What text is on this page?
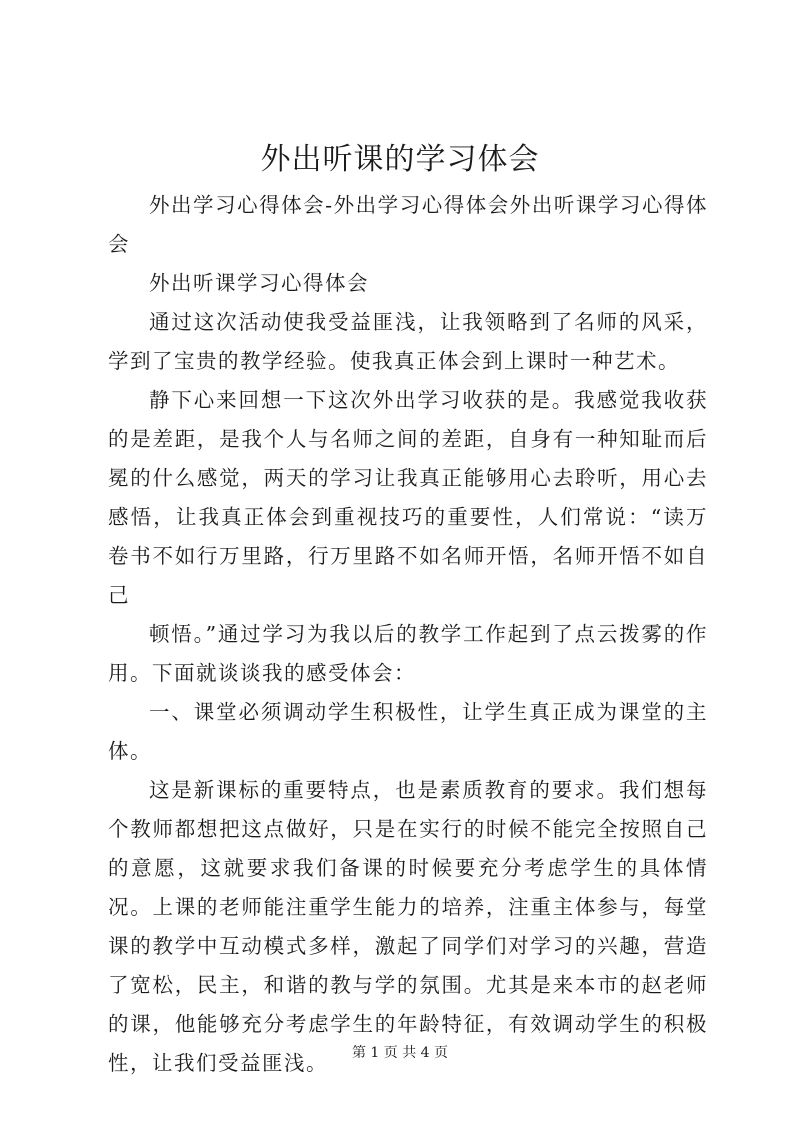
外出听课的学习体会

外出学习心得体会-外出学习心得体会外出听课学习心得体会

外出听课学习心得体会

通过这次活动使我受益匪浅，让我领略到了名师的风采，学到了宝贵的教学经验。使我真正体会到上课时一种艺术。

静下心来回想一下这次外出学习收获的是。我感觉我收获的是差距，是我个人与名师之间的差距，自身有一种知耻而后冕的什么感觉，两天的学习让我真正能够用心去聆听，用心去感悟，让我真正体会到重视技巧的重要性，人们常说：“读万卷书不如行万里路，行万里路不如名师开悟，名师开悟不如自己

顿悟。”通过学习为我以后的教学工作起到了点云拨雾的作用。下面就谈谈我的感受体会：

一、课堂必须调动学生积极性，让学生真正成为课堂的主体。

这是新课标的重要特点，也是素质教育的要求。我们想每个教师都想把这点做好，只是在实行的时候不能完全按照自己的意愿，这就要求我们备课的时候要充分考虑学生的具体情况。上课的老师能注重学生能力的培养，注重主体参与，每堂课的教学中互动模式多样，激起了同学们对学习的兴趣，营造了宽松，民主，和谐的教与学的氛围。尤其是来本市的赵老师的课，他能够充分考虑学生的年龄特征，有效调动学生的积极性，让我们受益匪浅。	第 1 页 共 4 页
